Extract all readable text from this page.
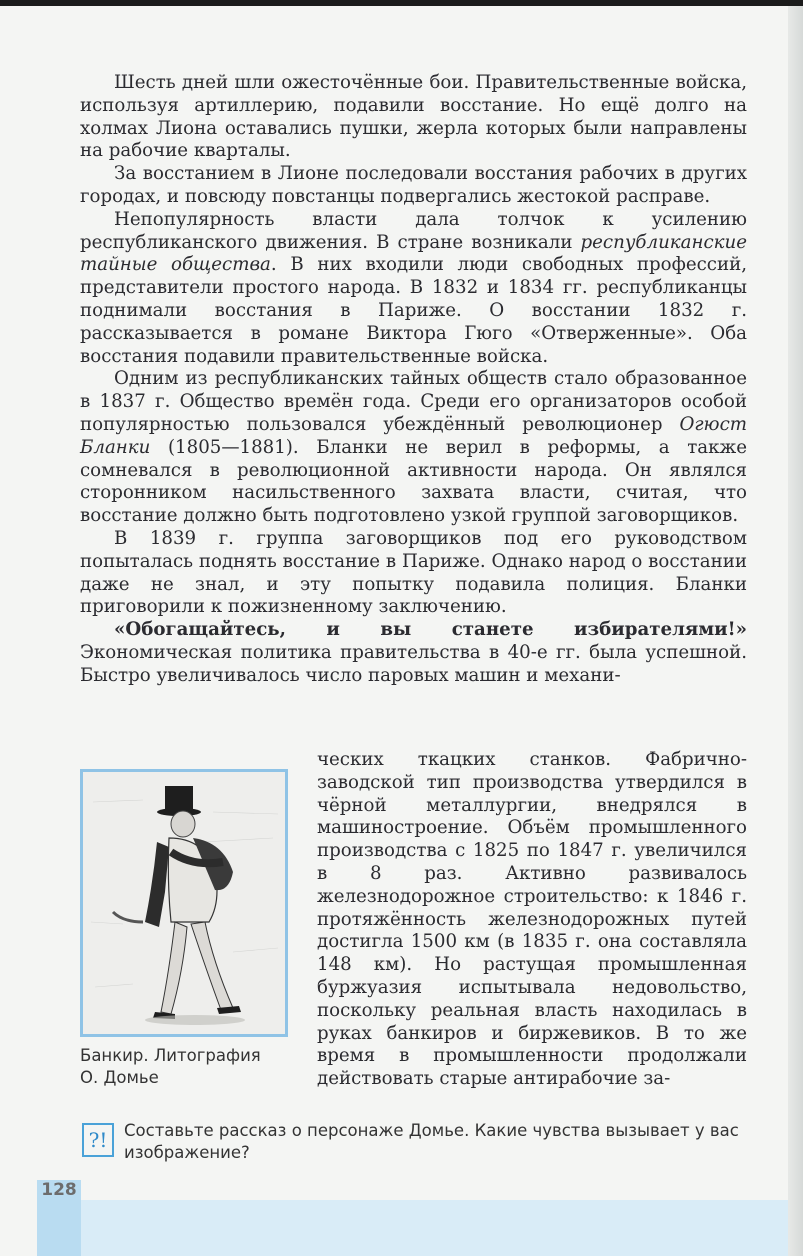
Шесть дней шли ожесточённые бои. Правительственные войска, используя артиллерию, подавили восстание. Но ещё долго на холмах Лиона оставались пушки, жерла которых были направлены на рабочие кварталы.

За восстанием в Лионе последовали восстания рабочих в других городах, и повсюду повстанцы подвергались жестокой расправе.

Непопулярность власти дала толчок к усилению республиканского движения. В стране возникали республиканские тайные общества. В них входили люди свободных профессий, представители простого народа. В 1832 и 1834 гг. республиканцы поднимали восстания в Париже. О восстании 1832 г. рассказывается в романе Виктора Гюго «Отверженные». Оба восстания подавили правительственные войска.

Одним из республиканских тайных обществ стало образованное в 1837 г. Общество времён года. Среди его организаторов особой популярностью пользовался убеждённый революционер Огюст Бланки (1805—1881). Бланки не верил в реформы, а также сомневался в революционной активности народа. Он являлся сторонником насильственного захвата власти, считая, что восстание должно быть подготовлено узкой группой заговорщиков.

В 1839 г. группа заговорщиков под его руководством попыталась поднять восстание в Париже. Однако народ о восстании даже не знал, и эту попытку подавила полиция. Бланки приговорили к пожизненному заключению.

«Обогащайтесь, и вы станете избирателями!» Экономическая политика правительства в 40-е гг. была успешной. Быстро увеличивалось число паровых машин и механи-

Банкир. Литография
О. Домье

ческих ткацких станков. Фабрично-заводской тип производства утвердился в чёрной металлургии, внедрялся в машиностроение. Объём промышленного производства с 1825 по 1847 г. увеличился в 8 раз. Активно развивалось железнодорожное строительство: к 1846 г. протяжённость железнодорожных путей достигла 1500 км (в 1835 г. она составляла 148 км). Но растущая промышленная буржуазия испытывала недовольство, поскольку реальная власть находилась в руках банкиров и биржевиков. В то же время в промышленности продолжали действовать старые антирабочие за-

?!	Составьте рассказ о персонаже Домье. Какие чувства вызывает у вас изображение?
128
